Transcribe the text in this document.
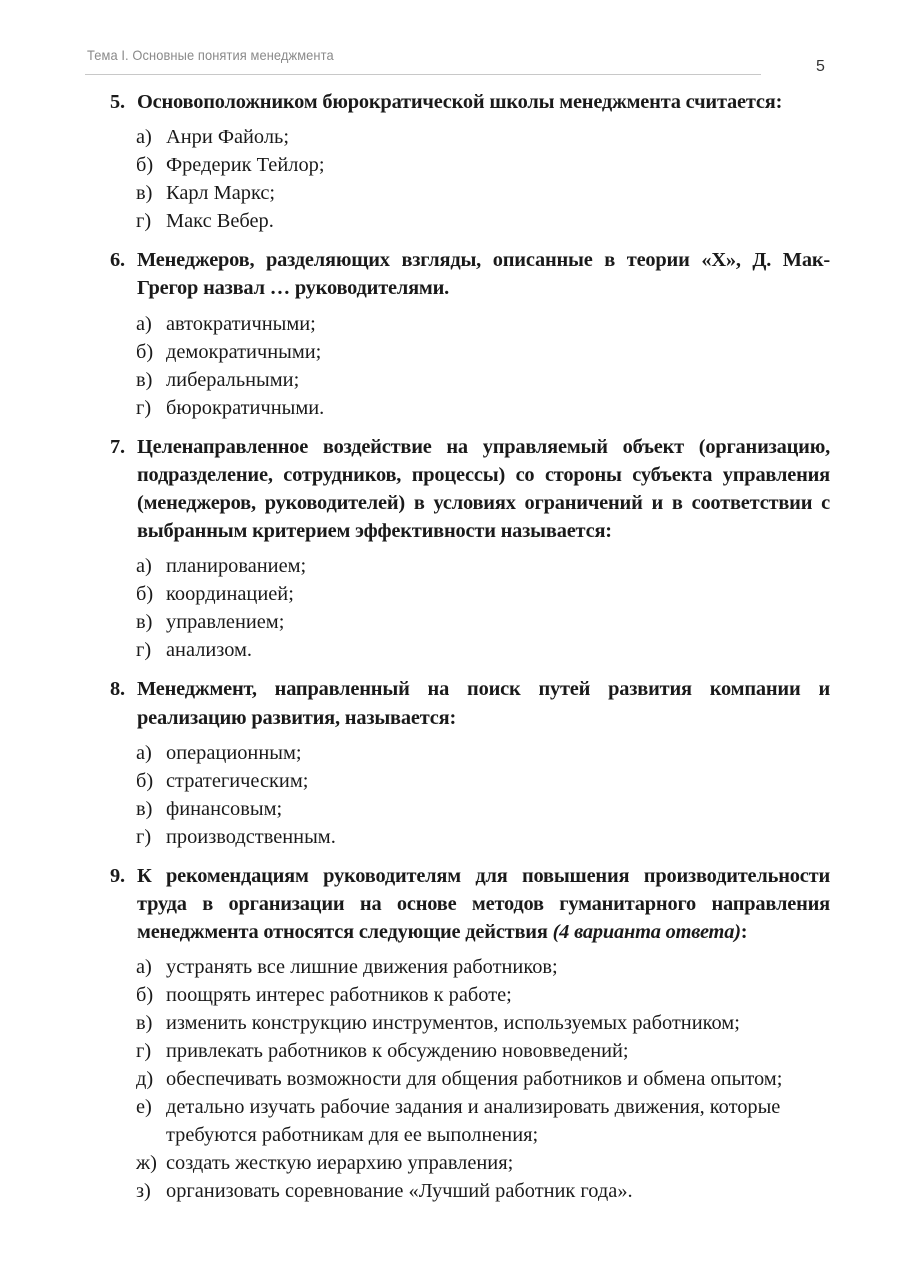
Тема I. Основные понятия менеджмента
5
5. Основоположником бюрократической школы менеджмента считается:
а) Анри Файоль;
б) Фредерик Тейлор;
в) Карл Маркс;
г) Макс Вебер.
6. Менеджеров, разделяющих взгляды, описанные в теории «Х», Д. Мак-Грегор назвал … руководителями.
а) автократичными;
б) демократичными;
в) либеральными;
г) бюрократичными.
7. Целенаправленное воздействие на управляемый объект (организацию, подразделение, сотрудников, процессы) со стороны субъекта управления (менеджеров, руководителей) в условиях ограничений и в соответствии с выбранным критерием эффективности называется:
а) планированием;
б) координацией;
в) управлением;
г) анализом.
8. Менеджмент, направленный на поиск путей развития компании и реализацию развития, называется:
а) операционным;
б) стратегическим;
в) финансовым;
г) производственным.
9. К рекомендациям руководителям для повышения производительности труда в организации на основе методов гуманитарного направления менеджмента относятся следующие действия (4 варианта ответа):
а) устранять все лишние движения работников;
б) поощрять интерес работников к работе;
в) изменить конструкцию инструментов, используемых работником;
г) привлекать работников к обсуждению нововведений;
д) обеспечивать возможности для общения работников и обмена опытом;
е) детально изучать рабочие задания и анализировать движения, которые требуются работникам для ее выполнения;
ж) создать жесткую иерархию управления;
з) организовать соревнование «Лучший работник года».
